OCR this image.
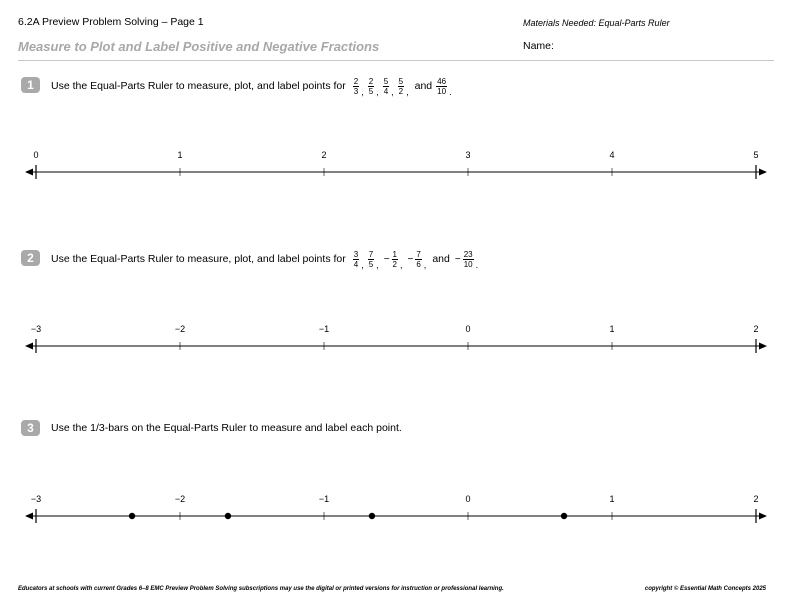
6.2A Preview Problem Solving – Page 1
Measure to Plot and Label Positive and Negative Fractions
Materials Needed: Equal-Parts Ruler
Name:
1	Use the Equal-Parts Ruler to measure, plot, and label points for $\frac{2}{3}$ , $\frac{2}{5}$ , $\frac{5}{4}$ , $\frac{5}{2}$ , and $\frac{46}{10}$ .
0	1	2	3	4	5
2	Use the Equal-Parts Ruler to measure, plot, and label points for $\frac{3}{4}$ , $\frac{7}{5}$ ,
− $\frac{1}{2}$ ,
− $\frac{7}{6}$ , and − $\frac{23}{10}$ .
−3	−2	−1	0	1	2
3	Use the 1/3-bars on the Equal-Parts Ruler to measure and label each point.
−3	−2	−1	0	1	2
Educators at schools with current Grades 6–8 EMC Preview Problem Solving subscriptions may use the digital or printed versions for instruction or professional learning.	copyright © Essential Math Concepts 2025
